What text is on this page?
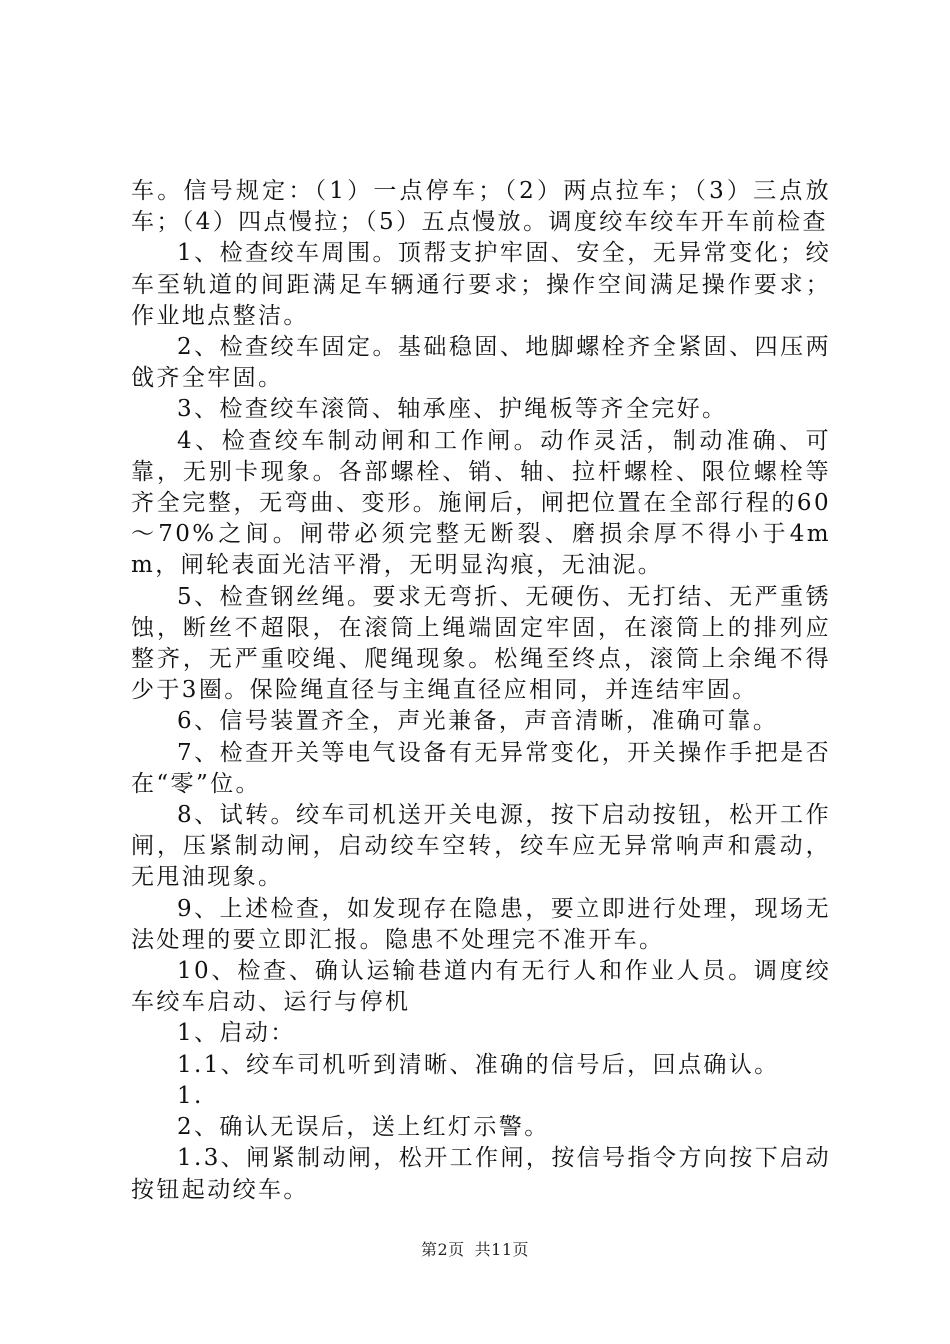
车。信号规定：（1）一点停车；（2）两点拉车；（3）三点放车；（4）四点慢拉；（5）五点慢放。调度绞车绞车开车前检查

1、检查绞车周围。顶帮支护牢固、安全，无异常变化；绞车至轨道的间距满足车辆通行要求；操作空间满足操作要求；作业地点整洁。

2、检查绞车固定。基础稳固、地脚螺栓齐全紧固、四压两戗齐全牢固。

3、检查绞车滚筒、轴承座、护绳板等齐全完好。

4、检查绞车制动闸和工作闸。动作灵活，制动准确、可靠，无别卡现象。各部螺栓、销、轴、拉杆螺栓、限位螺栓等齐全完整，无弯曲、变形。施闸后，闸把位置在全部行程的60～70%之间。闸带必须完整无断裂、磨损余厚不得小于4mm，闸轮表面光洁平滑，无明显沟痕，无油泥。

5、检查钢丝绳。要求无弯折、无硬伤、无打结、无严重锈蚀，断丝不超限，在滚筒上绳端固定牢固，在滚筒上的排列应整齐，无严重咬绳、爬绳现象。松绳至终点，滚筒上余绳不得少于3圈。保险绳直径与主绳直径应相同，并连结牢固。

6、信号装置齐全，声光兼备，声音清晰，准确可靠。

7、检查开关等电气设备有无异常变化，开关操作手把是否在“零”位。

8、试转。绞车司机送开关电源，按下启动按钮，松开工作闸，压紧制动闸，启动绞车空转，绞车应无异常响声和震动，无甩油现象。

9、上述检查，如发现存在隐患，要立即进行处理，现场无法处理的要立即汇报。隐患不处理完不准开车。

10、检查、确认运输巷道内有无行人和作业人员。调度绞车绞车启动、运行与停机

1、启动：

1.1、绞车司机听到清晰、准确的信号后，回点确认。

1.

2、确认无误后，送上红灯示警。

1.3、闸紧制动闸，松开工作闸，按信号指令方向按下启动按钮起动绞车。

第2页 共11页
